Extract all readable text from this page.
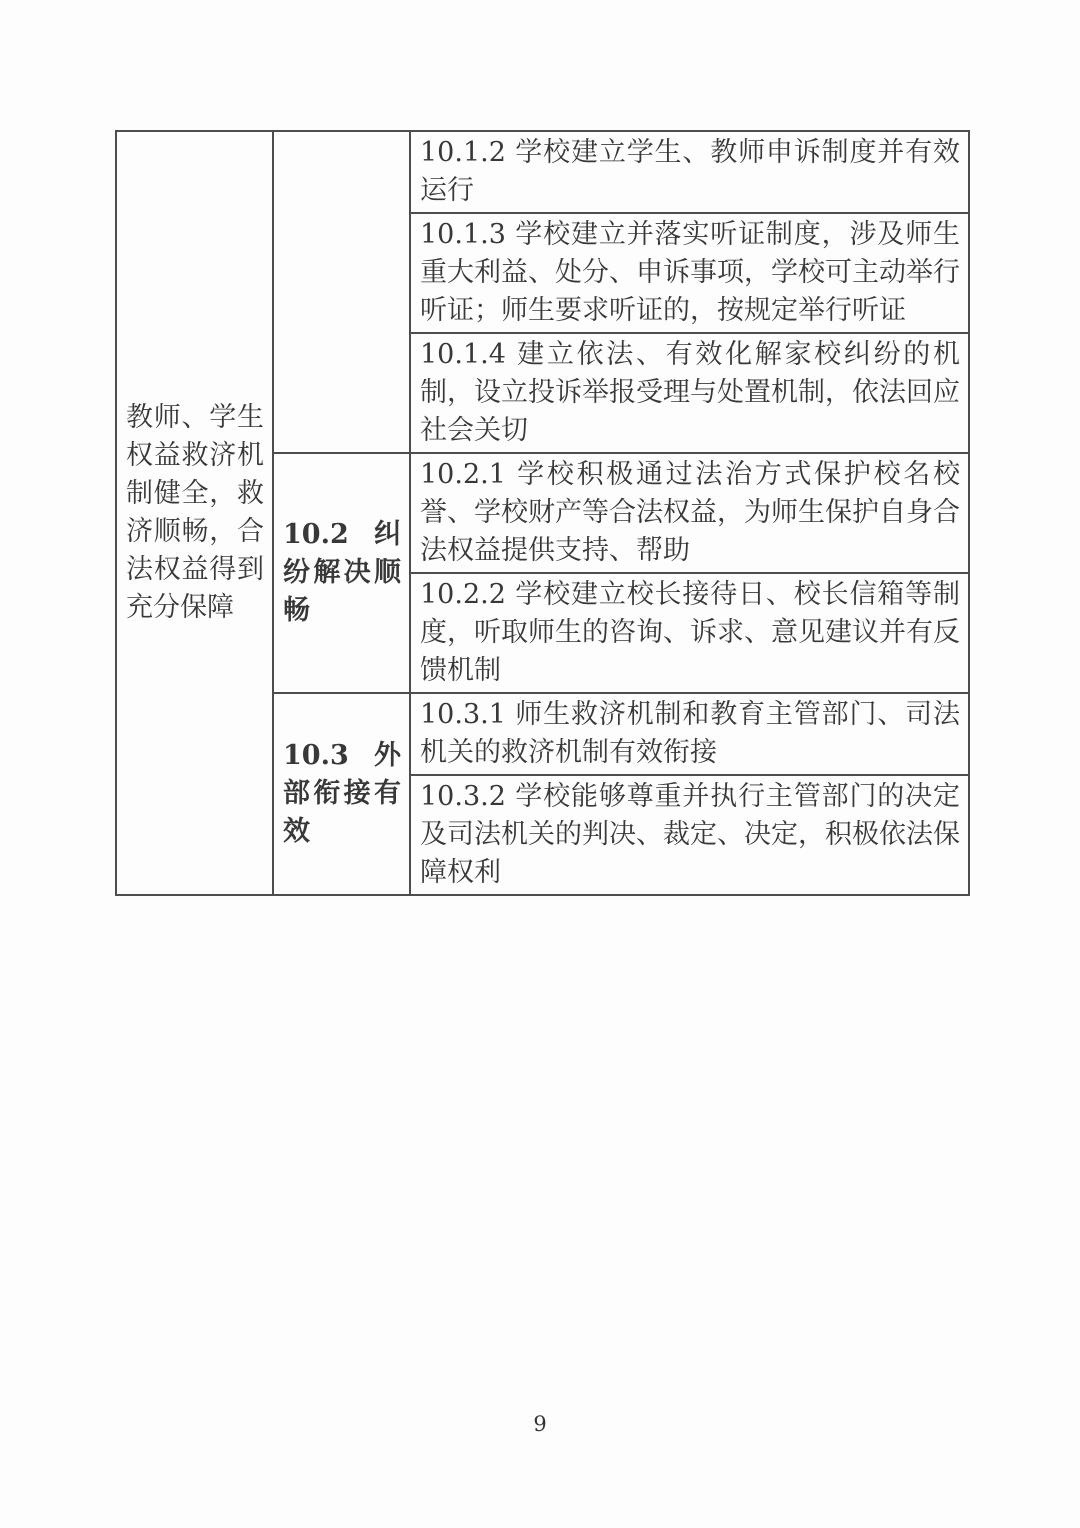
教师、学生权益救济机制健全，救济顺畅，合法权益得到充分保障		10.1.2 学校建立学生、教师申诉制度并有效运行
		10.1.3 学校建立并落实听证制度，涉及师生重大利益、处分、申诉事项，学校可主动举行听证；师生要求听证的，按规定举行听证
		10.1.4 建立依法、有效化解家校纠纷的机制，设立投诉举报受理与处置机制，依法回应社会关切
	10.2 纠纷解决顺畅	10.2.1 学校积极通过法治方式保护校名校誉、学校财产等合法权益，为师生保护自身合法权益提供支持、帮助
		10.2.2 学校建立校长接待日、校长信箱等制度，听取师生的咨询、诉求、意见建议并有反馈机制
	10.3 外部衔接有效	10.3.1 师生救济机制和教育主管部门、司法机关的救济机制有效衔接
		10.3.2 学校能够尊重并执行主管部门的决定及司法机关的判决、裁定、决定，积极依法保障权利
9
